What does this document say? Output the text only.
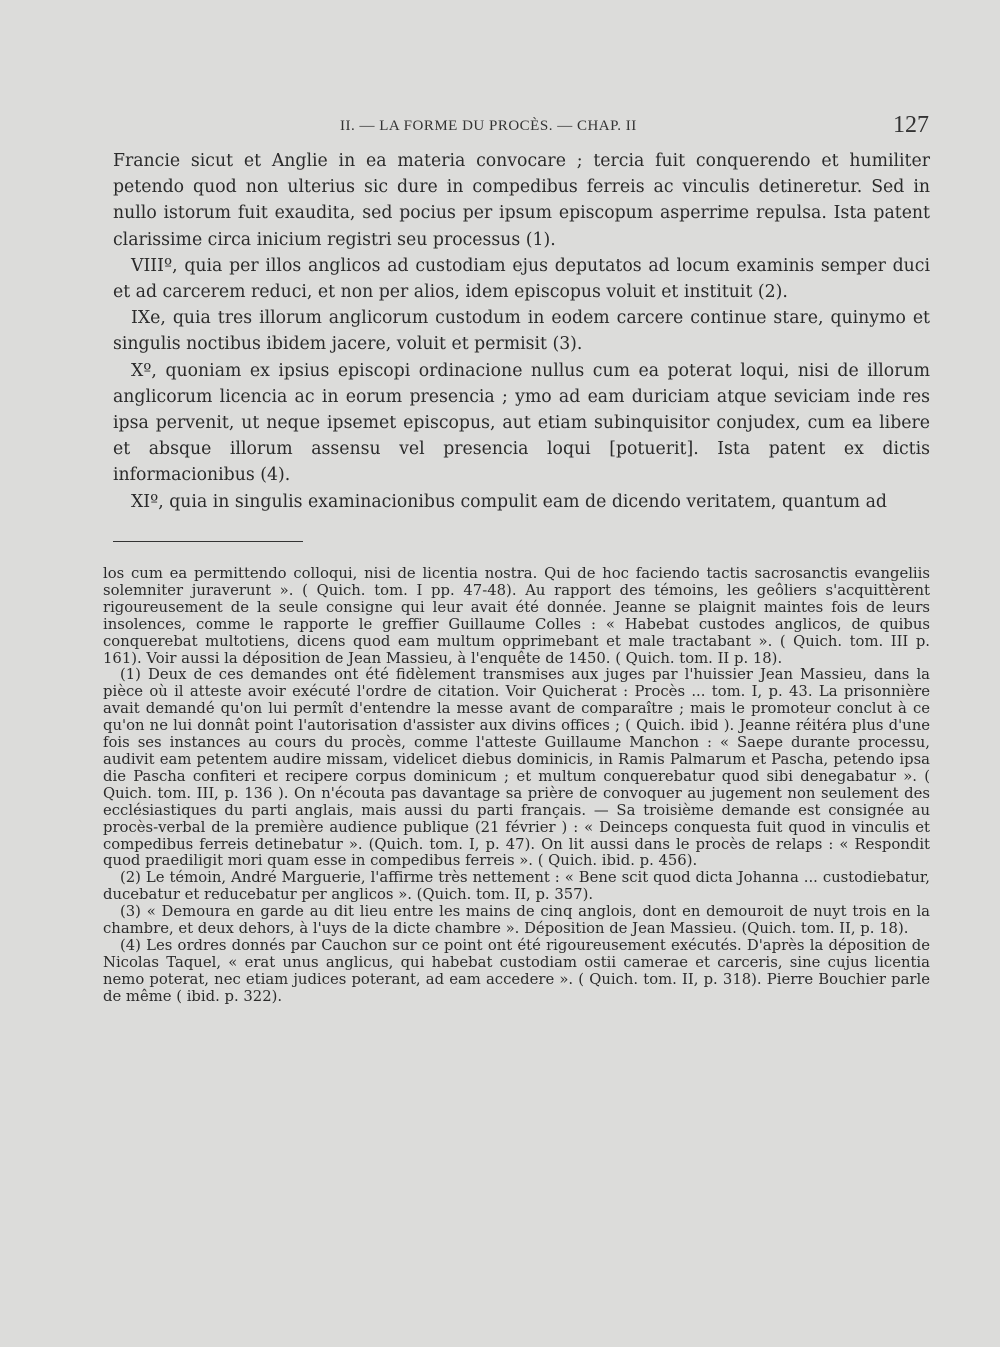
II. — LA FORME DU PROCÈS. — CHAP. II	127

Francie sicut et Anglie in ea materia convocare ; tercia fuit conquerendo et humiliter petendo quod non ulterius sic dure in compedibus ferreis ac vinculis detineretur. Sed in nullo istorum fuit exaudita, sed pocius per ipsum episcopum asperrime repulsa. Ista patent clarissime circa inicium registri seu processus (1).

VIIIº, quia per illos anglicos ad custodiam ejus deputatos ad locum examinis semper duci et ad carcerem reduci, et non per alios, idem episcopus voluit et instituit (2).

IXe, quia tres illorum anglicorum custodum in eodem carcere continue stare, quinymo et singulis noctibus ibidem jacere, voluit et permisit (3).

Xº, quoniam ex ipsius episcopi ordinacione nullus cum ea poterat loqui, nisi de illorum anglicorum licencia ac in eorum presencia ; ymo ad eam duriciam atque seviciam inde res ipsa pervenit, ut neque ipsemet episcopus, aut etiam subinquisitor conjudex, cum ea libere et absque illorum assensu vel presencia loqui [potuerit]. Ista patent ex dictis informacionibus (4).

XIº, quia in singulis examinacionibus compulit eam de dicendo veritatem, quantum ad

los cum ea permittendo colloqui, nisi de licentia nostra. Qui de hoc faciendo tactis sacrosanctis evangeliis solemniter juraverunt ». ( Quich. tom. I pp. 47-48). Au rapport des témoins, les geôliers s'acquittèrent rigoureusement de la seule consigne qui leur avait été donnée. Jeanne se plaignit maintes fois de leurs insolences, comme le rapporte le greffier Guillaume Colles : « Habebat custodes anglicos, de quibus conquerebat multotiens, dicens quod eam multum opprimebant et male tractabant ». ( Quich. tom. III p. 161). Voir aussi la déposition de Jean Massieu, à l'enquête de 1450. ( Quich. tom. II p. 18).

(1) Deux de ces demandes ont été fidèlement transmises aux juges par l'huissier Jean Massieu, dans la pièce où il atteste avoir exécuté l'ordre de citation. Voir Quicherat : Procès ... tom. I, p. 43. La prisonnière avait demandé qu'on lui permît d'entendre la messe avant de comparaître ; mais le promoteur conclut à ce qu'on ne lui donnât point l'autorisation d'assister aux divins offices ; ( Quich. ibid ). Jeanne réitéra plus d'une fois ses instances au cours du procès, comme l'atteste Guillaume Manchon : « Saepe durante processu, audivit eam petentem audire missam, videlicet diebus dominicis, in Ramis Palmarum et Pascha, petendo ipsa die Pascha confiteri et recipere corpus dominicum ; et multum conquerebatur quod sibi denegabatur ». ( Quich. tom. III, p. 136 ). On n'écouta pas davantage sa prière de convoquer au jugement non seulement des ecclésiastiques du parti anglais, mais aussi du parti français. — Sa troisième demande est consignée au procès-verbal de la première audience publique (21 février ) : « Deinceps conquesta fuit quod in vinculis et compedibus ferreis detinebatur ». (Quich. tom. I, p. 47). On lit aussi dans le procès de relaps : « Respondit quod praediligit mori quam esse in compedibus ferreis ». ( Quich. ibid. p. 456).

(2) Le témoin, André Marguerie, l'affirme très nettement : « Bene scit quod dicta Johanna ... custodiebatur, ducebatur et reducebatur per anglicos ». (Quich. tom. II, p. 357).

(3) « Demoura en garde au dit lieu entre les mains de cinq anglois, dont en demouroit de nuyt trois en la chambre, et deux dehors, à l'uys de la dicte chambre ». Déposition de Jean Massieu. (Quich. tom. II, p. 18).

(4) Les ordres donnés par Cauchon sur ce point ont été rigoureusement exécutés. D'après la déposition de Nicolas Taquel, « erat unus anglicus, qui habebat custodiam ostii camerae et carceris, sine cujus licentia nemo poterat, nec etiam judices poterant, ad eam accedere ». ( Quich. tom. II, p. 318). Pierre Bouchier parle de même ( ibid. p. 322).
